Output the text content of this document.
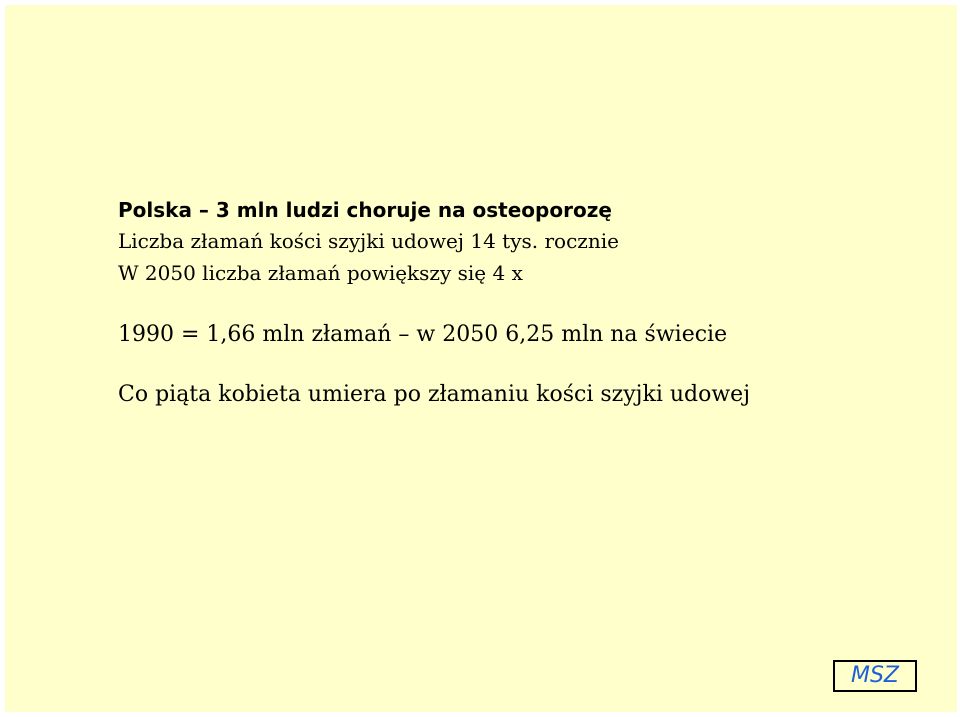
Polska – 3 mln ludzi choruje na osteoporozę
Liczba złamań kości szyjki udowej 14 tys. rocznie
W 2050 liczba złamań powiększy się 4 x
1990 = 1,66 mln złamań – w 2050 6,25 mln na świecie
Co piąta kobieta umiera po złamaniu kości szyjki udowej
MSZ
